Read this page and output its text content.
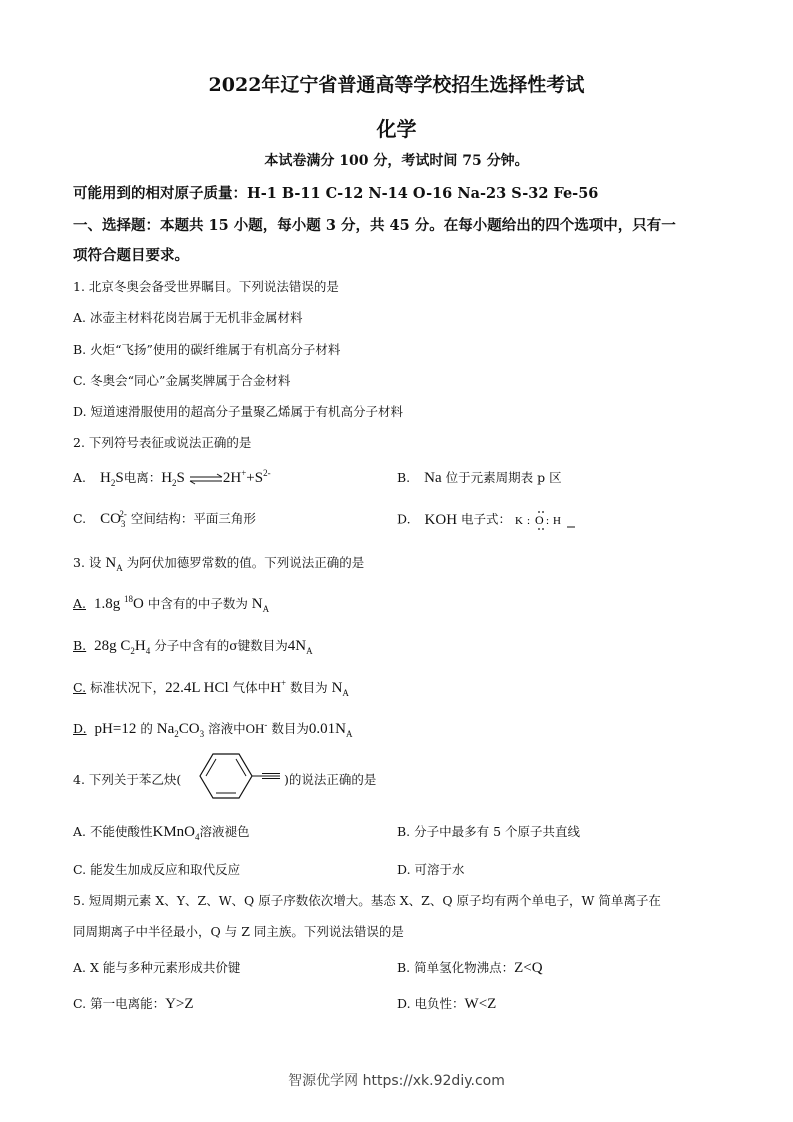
2022年辽宁省普通高等学校招生选择性考试
化学
本试卷满分 100 分，考试时间 75 分钟。
可能用到的相对原子质量：H-1 B-11 C-12 N-14 O-16 Na-23 S-32 Fe-56
一、选择题：本题共 15 小题，每小题 3 分，共 45 分。在每小题给出的四个选项中，只有一
项符合题目要求。
1. 北京冬奥会备受世界瞩目。下列说法错误的是
A. 冰壶主材料花岗岩属于无机非金属材料
B. 火炬“飞扬”使用的碳纤维属于有机高分子材料
C. 冬奥会“同心”金属奖牌属于合金材料
D. 短道速滑服使用的超高分子量聚乙烯属于有机高分子材料
2. 下列符号表征或说法正确的是
A. $H_2S$电离：$H_2S$ $\rightleftharpoons 2H^++S^{2-}$	B. Na 位于元素周期表 p 区
C. $CO_3^{2-}$ 空间结构：平面三角形	D. KOH 电子式： K : O : H
3. 设 $N_A$ 为阿伏加德罗常数的值。下列说法正确的是
A. 1.8g $^{18}$O 中含有的中子数为 $N_A$
B. 28g $C_2H_4$ 分子中含有的σ键数目为$4N_A$
C. 标准状况下，22.4L HCl 气体中H+ 数目为 $N_A$
D. pH=12 的 $Na_2CO_3$ 溶液中OH- 数目为$0.01N_A$
4. 下列关于苯乙炔(	)的说法正确的是
A. 不能使酸性KMnO$_4$溶液褪色	B. 分子中最多有 5 个原子共直线
C. 能发生加成反应和取代反应	D. 可溶于水
5. 短周期元素 X、Y、Z、W、Q 原子序数依次增大。基态 X、Z、Q 原子均有两个单电子，W 简单离子在
同周期离子中半径最小，Q 与 Z 同主族。下列说法错误的是
A. X 能与多种元素形成共价键	B. 简单氢化物沸点：Z<Q
C. 第一电离能：Y>Z	D. 电负性：W<Z
智源优学网 https://xk.92diy.com
